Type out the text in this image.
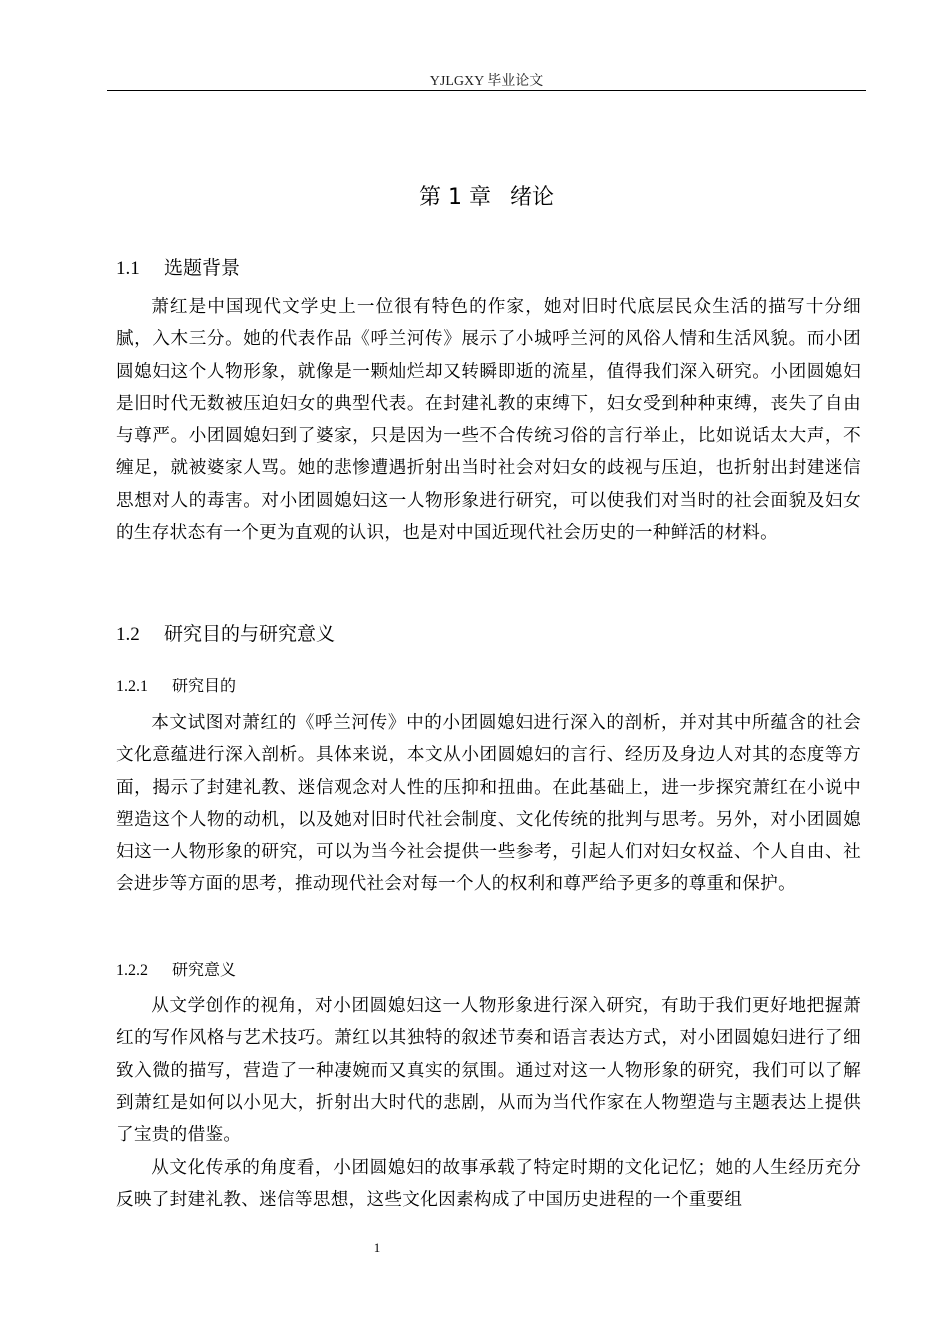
YJLGXY 毕业论文
第 1 章 绪论
1.1 选题背景

萧红是中国现代文学史上一位很有特色的作家，她对旧时代底层民众生活的描写十分细腻，入木三分。她的代表作品《呼兰河传》展示了小城呼兰河的风俗人情和生活风貌。而小团圆媳妇这个人物形象，就像是一颗灿烂却又转瞬即逝的流星，值得我们深入研究。小团圆媳妇是旧时代无数被压迫妇女的典型代表。在封建礼教的束缚下，妇女受到种种束缚，丧失了自由与尊严。小团圆媳妇到了婆家，只是因为一些不合传统习俗的言行举止，比如说话太大声，不缠足，就被婆家人骂。她的悲惨遭遇折射出当时社会对妇女的歧视与压迫，也折射出封建迷信思想对人的毒害。对小团圆媳妇这一人物形象进行研究，可以使我们对当时的社会面貌及妇女的生存状态有一个更为直观的认识，也是对中国近现代社会历史的一种鲜活的材料。

1.2 研究目的与研究意义
1.2.1 研究目的

本文试图对萧红的《呼兰河传》中的小团圆媳妇进行深入的剖析，并对其中所蕴含的社会文化意蕴进行深入剖析。具体来说，本文从小团圆媳妇的言行、经历及身边人对其的态度等方面，揭示了封建礼教、迷信观念对人性的压抑和扭曲。在此基础上，进一步探究萧红在小说中塑造这个人物的动机，以及她对旧时代社会制度、文化传统的批判与思考。另外，对小团圆媳妇这一人物形象的研究，可以为当今社会提供一些参考，引起人们对妇女权益、个人自由、社会进步等方面的思考，推动现代社会对每一个人的权利和尊严给予更多的尊重和保护。

1.2.2 研究意义

从文学创作的视角，对小团圆媳妇这一人物形象进行深入研究，有助于我们更好地把握萧红的写作风格与艺术技巧。萧红以其独特的叙述节奏和语言表达方式，对小团圆媳妇进行了细致入微的描写，营造了一种凄婉而又真实的氛围。通过对这一人物形象的研究，我们可以了解到萧红是如何以小见大，折射出大时代的悲剧，从而为当代作家在人物塑造与主题表达上提供了宝贵的借鉴。

从文化传承的角度看，小团圆媳妇的故事承载了特定时期的文化记忆；她的人生经历充分反映了封建礼教、迷信等思想，这些文化因素构成了中国历史进程的一个重要组

1
